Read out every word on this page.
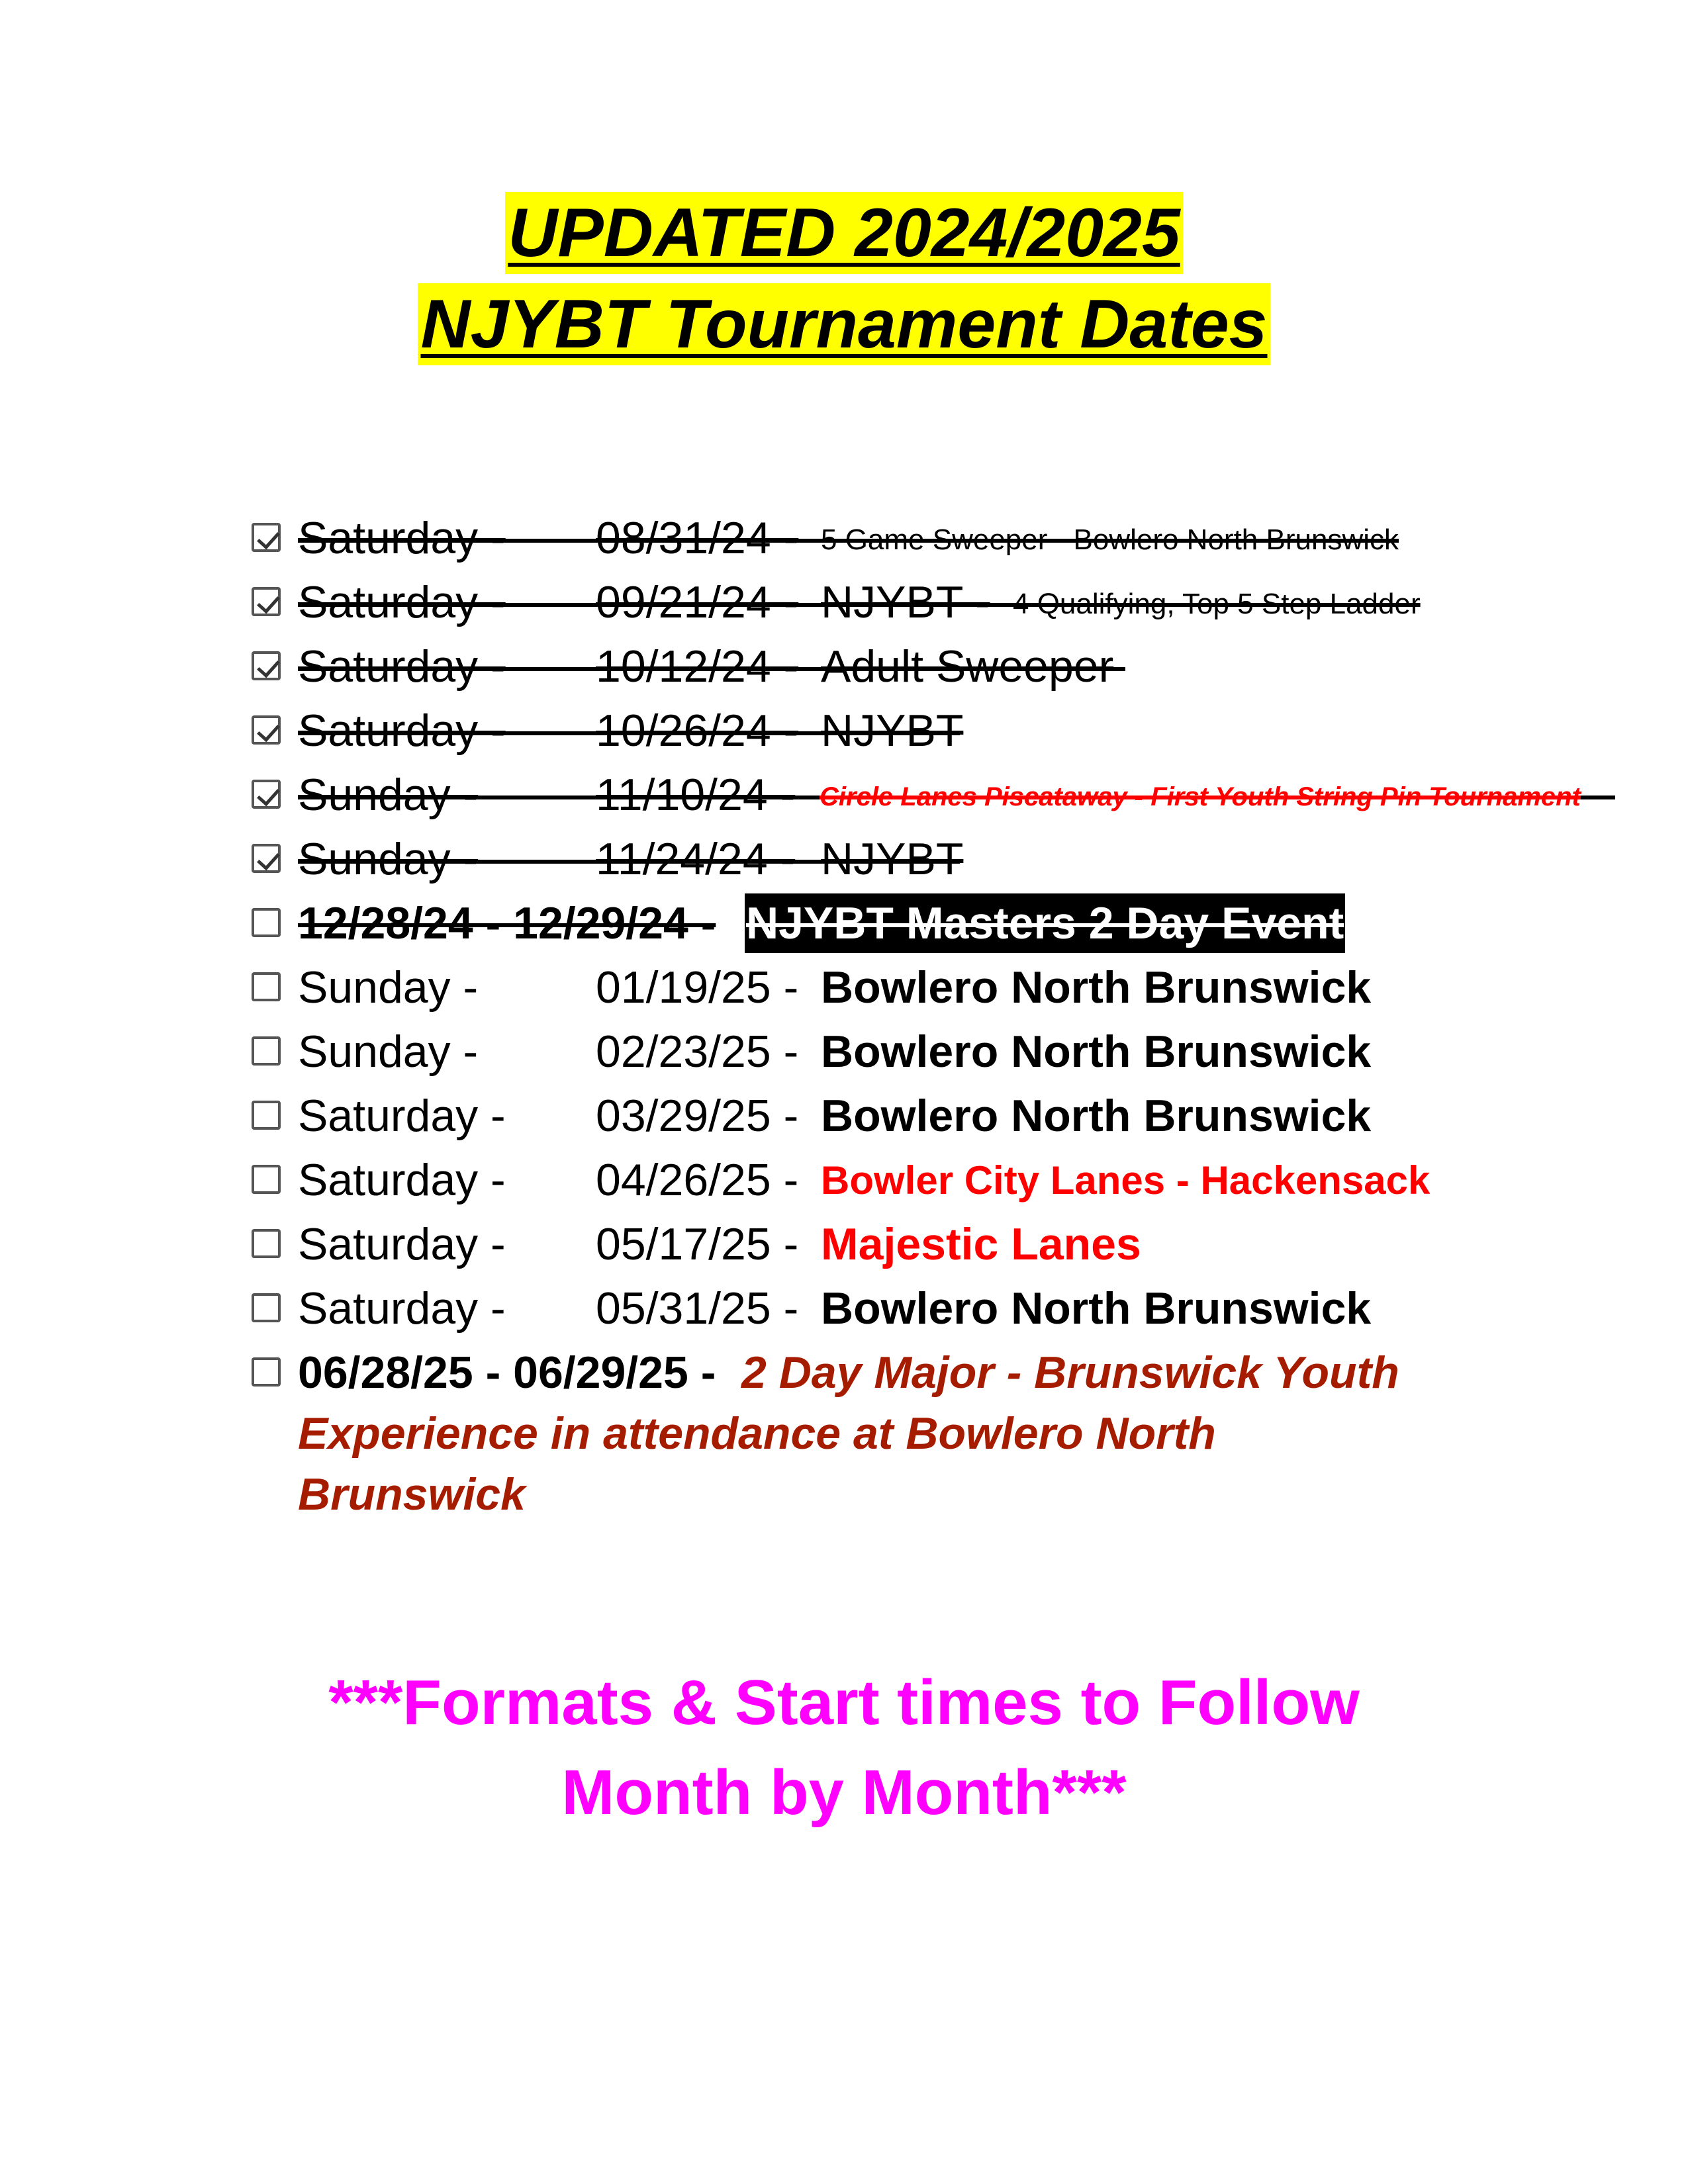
UPDATED 2024/2025
NJYBT Tournament Dates
Saturday - 08/31/24 - 5 Game Sweeper - Bowlero North Brunswick
Saturday - 09/21/24 - NJYBT - 4 Qualifying, Top 5 Step Ladder
Saturday - 10/12/24 - Adult Sweeper
Saturday - 10/26/24 - NJYBT
Sunday -	11/10/24 - Circle Lanes Piscataway - First Youth String Pin Tournament
Sunday -	11/24/24 - NJYBT
12/28/24 - 12/29/24 - NJYBT Masters 2 Day Event
Sunday -	01/19/25 - Bowlero North Brunswick
Sunday -	02/23/25 - Bowlero North Brunswick
Saturday - 03/29/25 - Bowlero North Brunswick
Saturday - 04/26/25 - Bowler City Lanes - Hackensack
Saturday - 05/17/25 - Majestic Lanes
Saturday - 05/31/25 - Bowlero North Brunswick
06/28/25 - 06/29/25 - 2 Day Major - Brunswick Youth
Experience in attendance at Bowlero North
Brunswick
***Formats & Start times to Follow
Month by Month***
